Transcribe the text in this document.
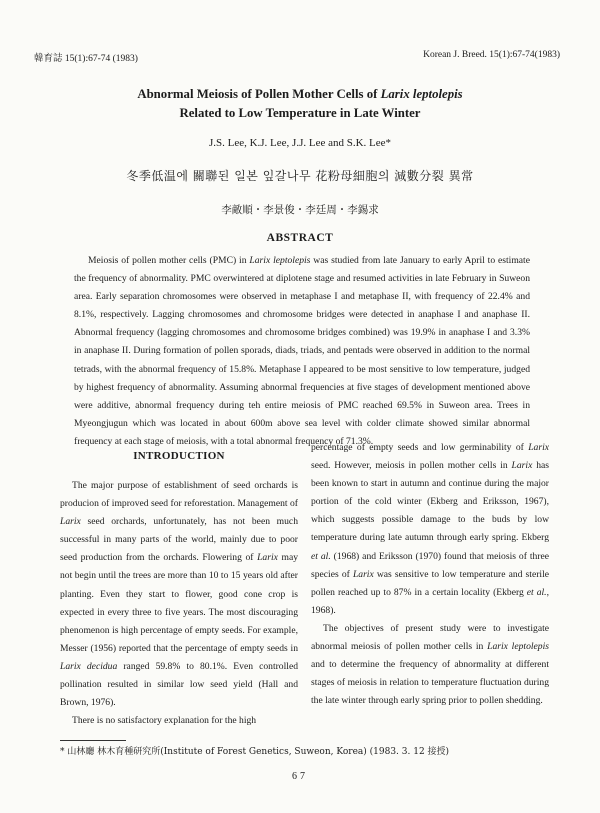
韓育誌 15(1):67-74 (1983)	Korean J. Breed. 15(1):67-74(1983)
Abnormal Meiosis of Pollen Mother Cells of Larix leptolepis
Related to Low Temperature in Late Winter
J.S. Lee, K.J. Lee, J.J. Lee and S.K. Lee*
冬季低温에 關聯된 일본 잎갈나무 花粉母細胞의 減數分裂 異常
李敵順・李景俊・李廷周・李錫求
ABSTRACT
Meiosis of pollen mother cells (PMC) in Larix leptolepis was studied from late January to early April to estimate the frequency of abnormality. PMC overwintered at diplotene stage and resumed activities in late February in Suweon area. Early separation chromosomes were observed in metaphase I and metaphase II, with frequency of 22.4% and 8.1%, respectively. Lagging chromosomes and chromosome bridges were detected in anaphase I and anaphase II. Abnormal frequency (lagging chromosomes and chromosome bridges combined) was 19.9% in anaphase I and 3.3% in anaphase II. During formation of pollen sporads, diads, triads, and pentads were observed in addition to the normal tetrads, with the abnormal frequency of 15.8%. Metaphase I appeared to be most sensitive to low temperature, judged by highest frequency of abnormality. Assuming abnormal frequencies at five stages of development mentioned above were additive, abnormal frequency during teh entire meiosis of PMC reached 69.5% in Suweon area. Trees in Myeongjugun which was located in about 600m above sea level with colder climate showed similar abnormal frequency at each stage of meiosis, with a total abnormal frequency of 71.3%.
INTRODUCTION

The major purpose of establishment of seed orchards is producion of improved seed for reforestation. Management of Larix seed orchards, unfortunately, has not been much successful in many parts of the world, mainly due to poor seed production from the orchards. Flowering of Larix may not begin until the trees are more than 10 to 15 years old after planting. Even they start to flower, good cone crop is expected in every three to five years. The most discouraging phenomenon is high percentage of empty seeds. For example, Messer (1956) reported that the percentage of empty seeds in Larix decidua ranged 59.8% to 80.1%. Even controlled pollination resulted in similar low seed yield (Hall and Brown, 1976).

There is no satisfactory explanation for the high

percentage of empty seeds and low germinability of Larix seed. However, meiosis in pollen mother cells in Larix has been known to start in autumn and continue during the major portion of the cold winter (Ekberg and Eriksson, 1967), which suggests possible damage to the buds by low temperature during late autumn through early spring. Ekberg et al. (1968) and Eriksson (1970) found that meiosis of three species of Larix was sensitive to low temperature and sterile pollen reached up to 87% in a certain locality (Ekberg et al., 1968).

The objectives of present study were to investigate abnormal meiosis of pollen mother cells in Larix leptolepis and to determine the frequency of abnormality at different stages of meiosis in relation to temperature fluctuation during the late winter through early spring prior to pollen shedding.

* 山林廳 林木育種研究所(Institute of Forest Genetics, Suweon, Korea) (1983. 3. 12 接授)
67
